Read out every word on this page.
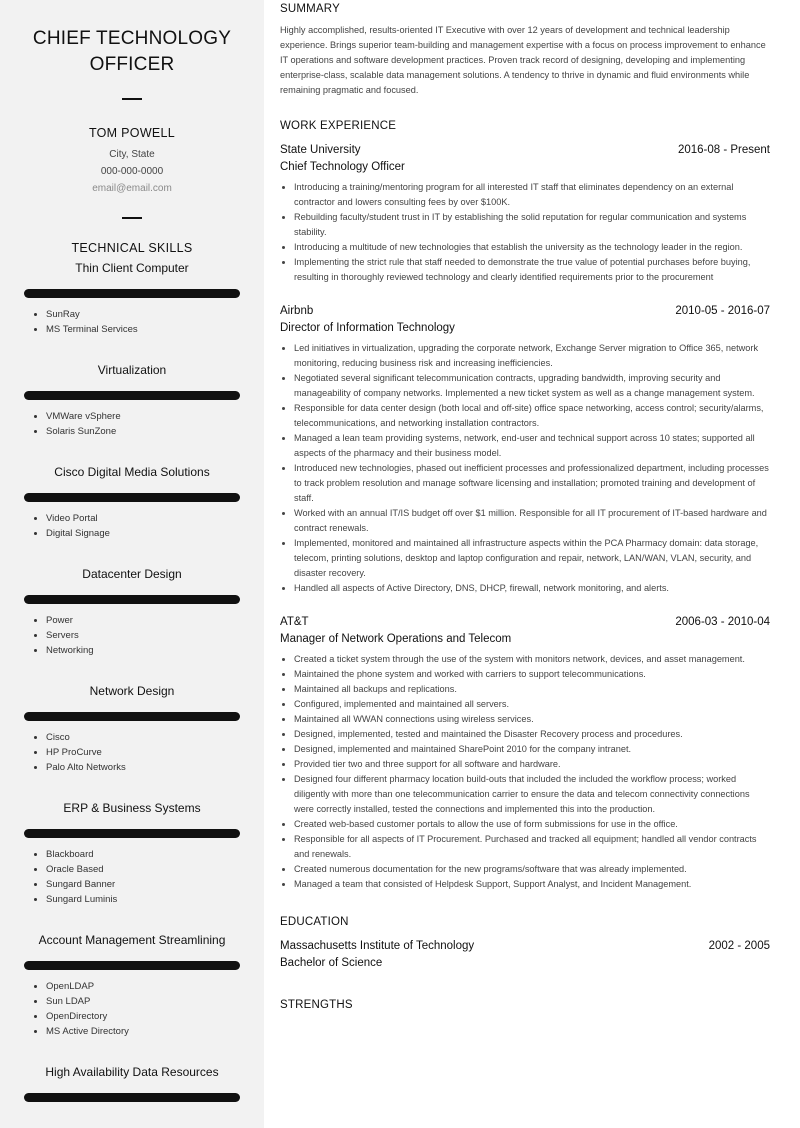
CHIEF TECHNOLOGY OFFICER
TOM POWELL
City, State
000-000-0000
email@email.com
TECHNICAL SKILLS
Thin Client Computer
• SunRay
• MS Terminal Services
Virtualization
• VMWare vSphere
• Solaris SunZone
Cisco Digital Media Solutions
• Video Portal
• Digital Signage
Datacenter Design
• Power
• Servers
• Networking
Network Design
• Cisco
• HP ProCurve
• Palo Alto Networks
ERP & Business Systems
• Blackboard
• Oracle Based
• Sungard Banner
• Sungard Luminis
Account Management Streamlining
• OpenLDAP
• Sun LDAP
• OpenDirectory
• MS Active Directory
High Availability Data Resources
SUMMARY
Highly accomplished, results-oriented IT Executive with over 12 years of development and technical leadership experience. Brings superior team-building and management expertise with a focus on process improvement to enhance IT operations and software development practices. Proven track record of designing, developing and implementing enterprise-class, scalable data management solutions. A tendency to thrive in dynamic and fluid environments while remaining pragmatic and focused.
WORK EXPERIENCE
State University	2016-08 - Present
Chief Technology Officer
• Introducing a training/mentoring program for all interested IT staff that eliminates dependency on an external contractor and lowers consulting fees by over $100K.
• Rebuilding faculty/student trust in IT by establishing the solid reputation for regular communication and systems stability.
• Introducing a multitude of new technologies that establish the university as the technology leader in the region.
• Implementing the strict rule that staff needed to demonstrate the true value of potential purchases before buying, resulting in thoroughly reviewed technology and clearly identified requirements prior to the procurement
Airbnb	2010-05 - 2016-07
Director of Information Technology
• Led initiatives in virtualization, upgrading the corporate network, Exchange Server migration to Office 365, network monitoring, reducing business risk and increasing inefficiencies.
• Negotiated several significant telecommunication contracts, upgrading bandwidth, improving security and manageability of company networks. Implemented a new ticket system as well as a change management system.
• Responsible for data center design (both local and off-site) office space networking, access control; security/alarms, telecommunications, and networking installation contractors.
• Managed a lean team providing systems, network, end-user and technical support across 10 states; supported all aspects of the pharmacy and their business model.
• Introduced new technologies, phased out inefficient processes and professionalized department, including processes to track problem resolution and manage software licensing and installation; promoted training and development of staff.
• Worked with an annual IT/IS budget off over $1 million. Responsible for all IT procurement of IT-based hardware and contract renewals.
• Implemented, monitored and maintained all infrastructure aspects within the PCA Pharmacy domain: data storage, telecom, printing solutions, desktop and laptop configuration and repair, network, LAN/WAN, VLAN, security, and disaster recovery.
• Handled all aspects of Active Directory, DNS, DHCP, firewall, network monitoring, and alerts.
AT&T	2006-03 - 2010-04
Manager of Network Operations and Telecom
• Created a ticket system through the use of the system with monitors network, devices, and asset management.
• Maintained the phone system and worked with carriers to support telecommunications.
• Maintained all backups and replications.
• Configured, implemented and maintained all servers.
• Maintained all WWAN connections using wireless services.
• Designed, implemented, tested and maintained the Disaster Recovery process and procedures.
• Designed, implemented and maintained SharePoint 2010 for the company intranet.
• Provided tier two and three support for all software and hardware.
• Designed four different pharmacy location build-outs that included the included the workflow process; worked diligently with more than one telecommunication carrier to ensure the data and telecom connectivity connections were correctly installed, tested the connections and implemented this into the production.
• Created web-based customer portals to allow the use of form submissions for use in the office.
• Responsible for all aspects of IT Procurement. Purchased and tracked all equipment; handled all vendor contracts and renewals.
• Created numerous documentation for the new programs/software that was already implemented.
• Managed a team that consisted of Helpdesk Support, Support Analyst, and Incident Management.
EDUCATION
Massachusetts Institute of Technology	2002 - 2005
Bachelor of Science
STRENGTHS
